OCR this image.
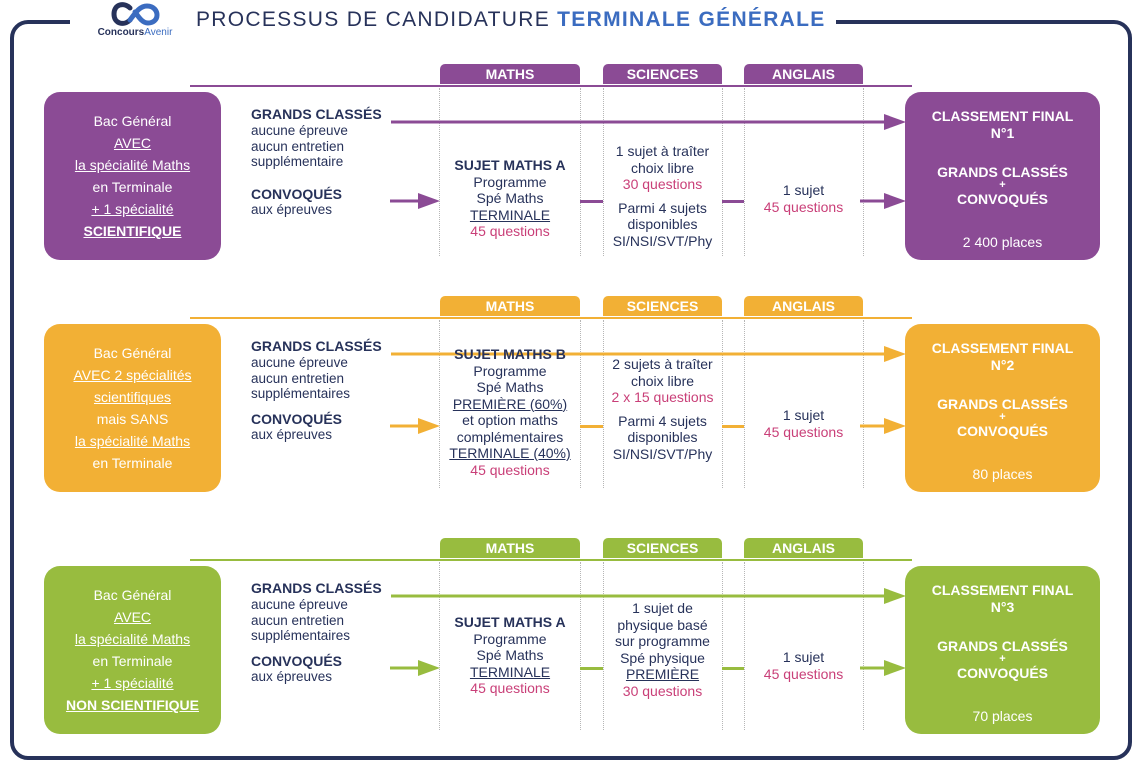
ConcoursAvenir
PROCESSUS DE CANDIDATURE TERMINALE GÉNÉRALE
MATHS	SCIENCES	ANGLAIS
Bac Général
AVEC
la spécialité Maths
en Terminale
+ 1 spécialité
SCIENTIFIQUE
GRANDS CLASSÉS
aucune épreuve
aucun entretien
supplémentaire
CONVOQUÉS
aux épreuves
SUJET MATHS A
Programme
Spé Maths
TERMINALE
45 questions
1 sujet à traîter
choix libre
30 questions
Parmi 4 sujets
disponibles
SI/NSI/SVT/Phy
1 sujet
45 questions
CLASSEMENT FINAL
N°1
GRANDS CLASSÉS
+
CONVOQUÉS
2 400 places
MATHS	SCIENCES	ANGLAIS
Bac Général
AVEC 2 spécialités
scientifiques
mais SANS
la spécialité Maths
en Terminale
GRANDS CLASSÉS
aucune épreuve
aucun entretien
supplémentaires
CONVOQUÉS
aux épreuves
SUJET MATHS B
Programme
Spé Maths
PREMIÈRE (60%)
et option maths
complémentaires
TERMINALE (40%)
45 questions
2 sujets à traîter
choix libre
2 x 15 questions
Parmi 4 sujets
disponibles
SI/NSI/SVT/Phy
1 sujet
45 questions
CLASSEMENT FINAL
N°2
GRANDS CLASSÉS
+
CONVOQUÉS
80 places
MATHS	SCIENCES	ANGLAIS
Bac Général
AVEC
la spécialité Maths
en Terminale
+ 1 spécialité
NON SCIENTIFIQUE
GRANDS CLASSÉS
aucune épreuve
aucun entretien
supplémentaires
CONVOQUÉS
aux épreuves
SUJET MATHS A
Programme
Spé Maths
TERMINALE
45 questions
1 sujet de
physique basé
sur programme
Spé physique
PREMIÈRE
30 questions
1 sujet
45 questions
CLASSEMENT FINAL
N°3
GRANDS CLASSÉS
+
CONVOQUÉS
70 places
